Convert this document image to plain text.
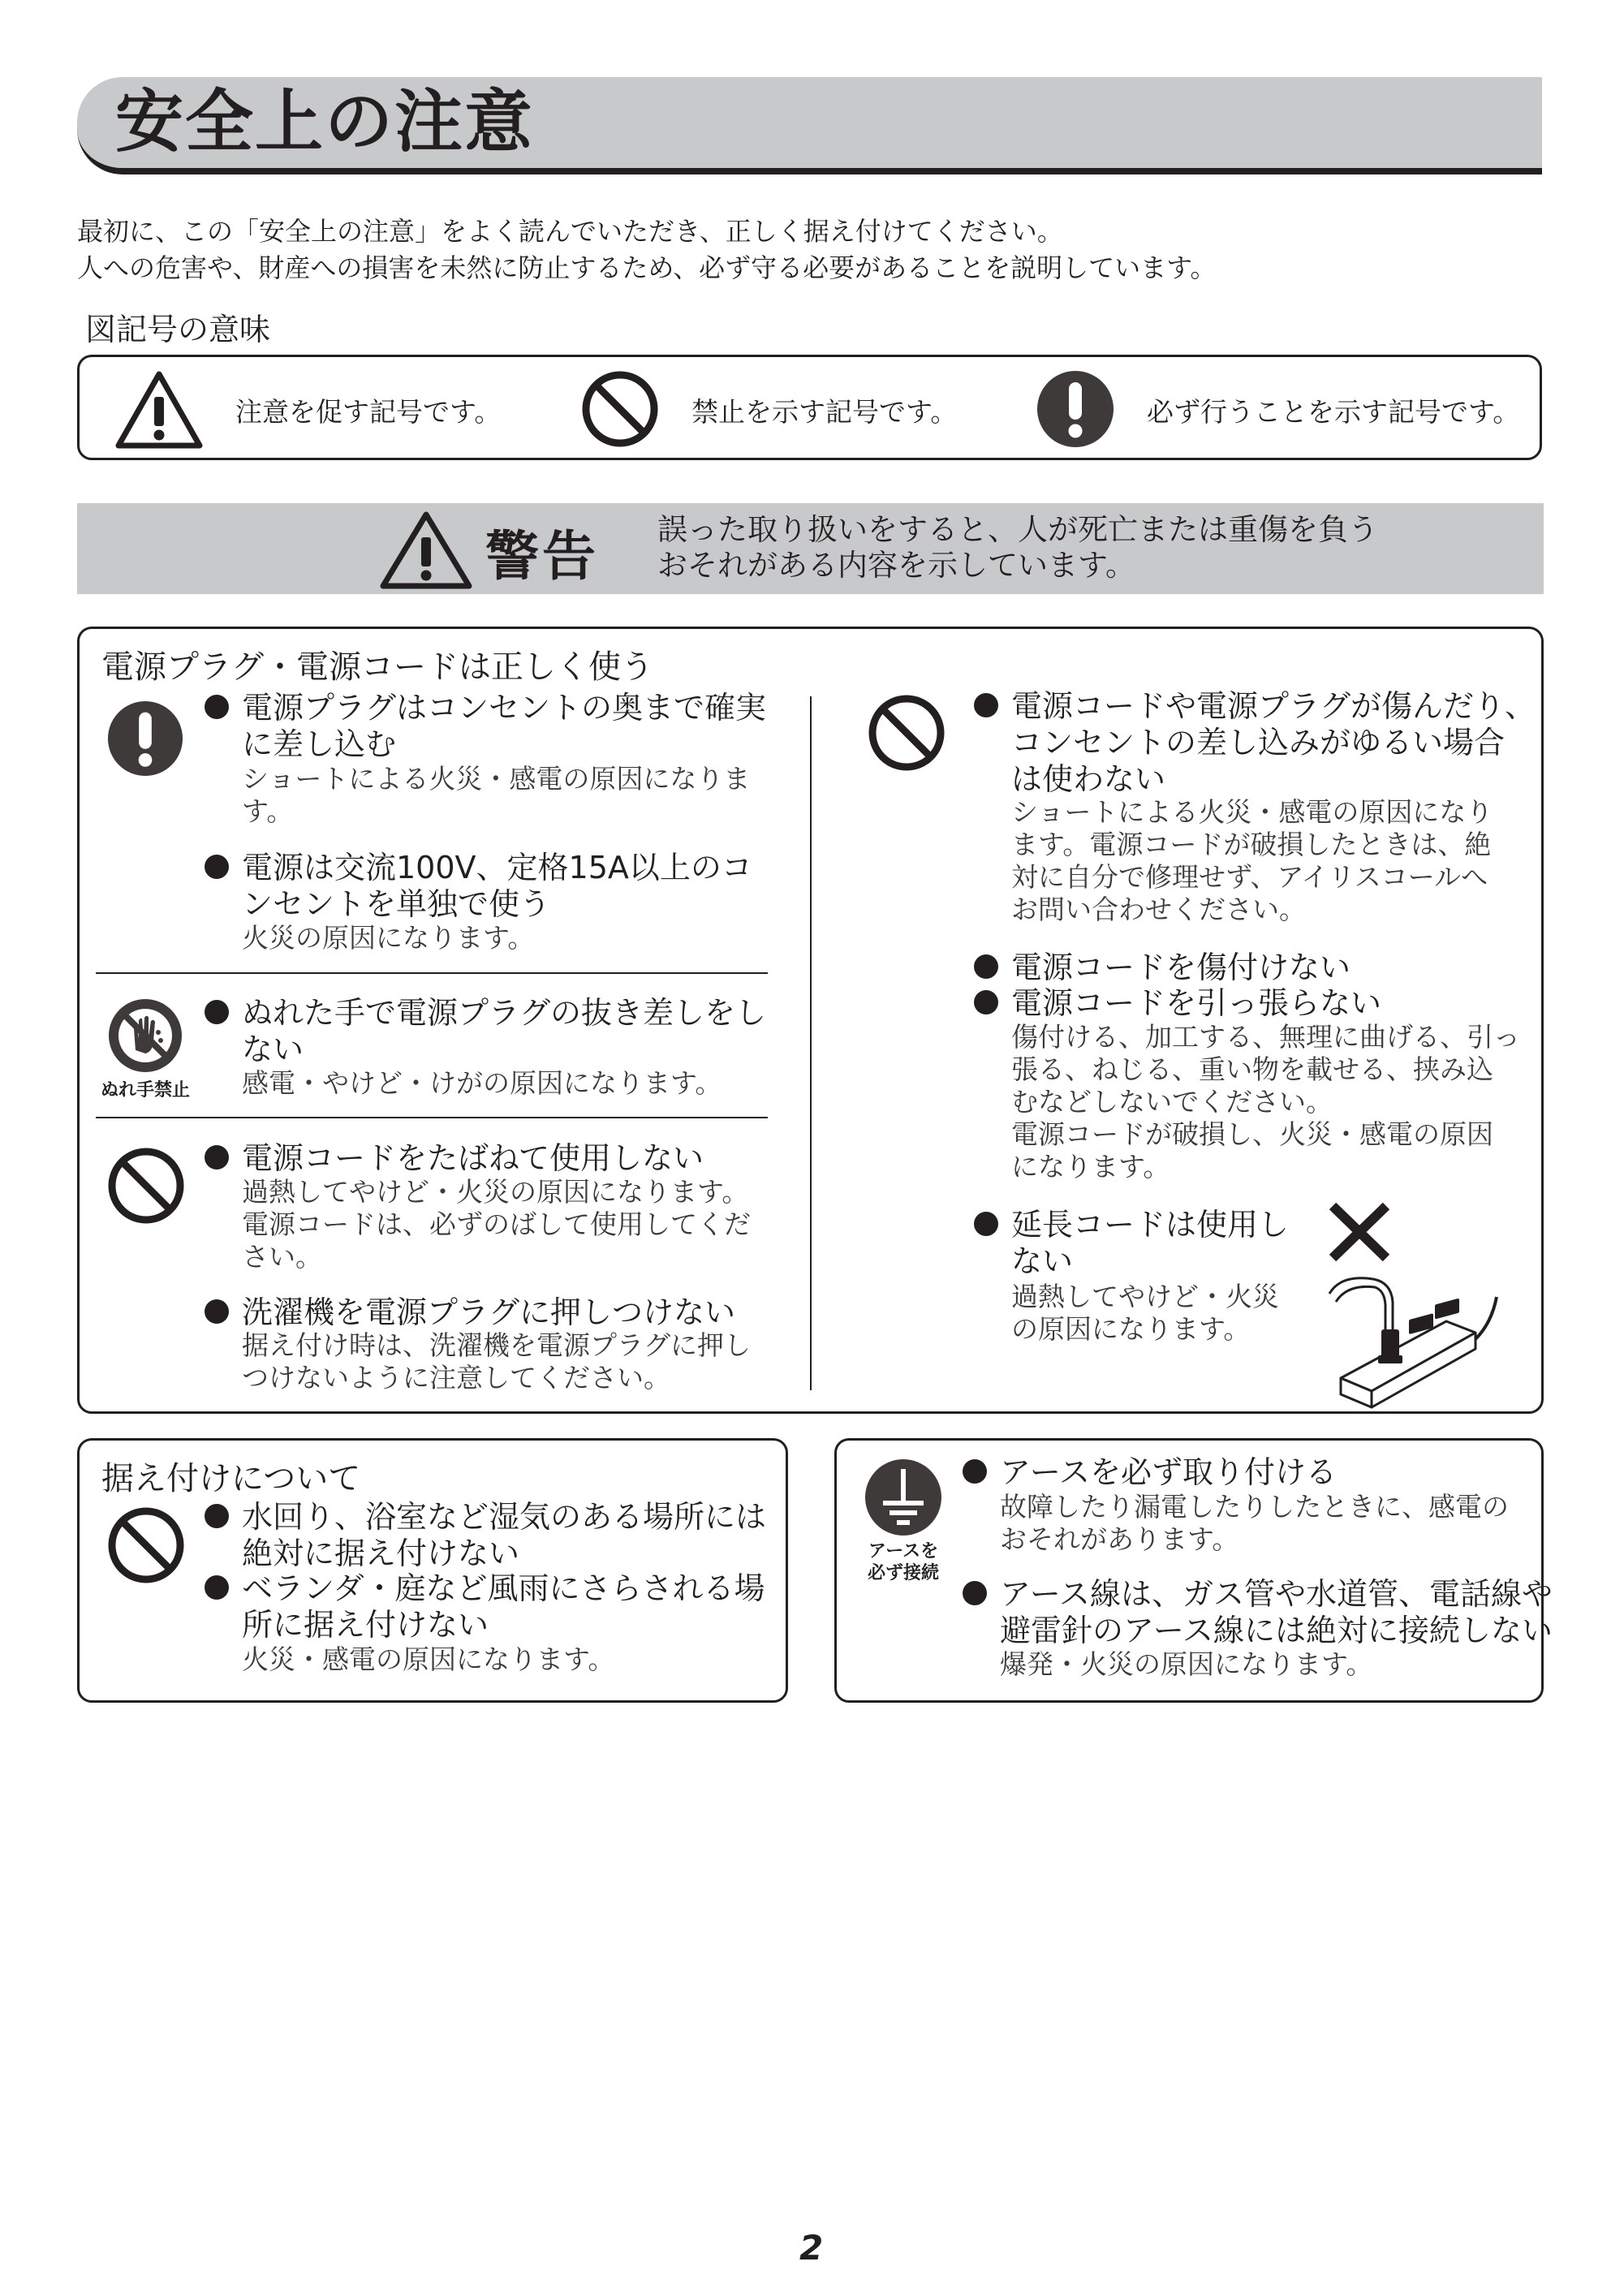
安全上の注意
最初に、この「安全上の注意」をよく読んでいただき、正しく据え付けてください。
人への危害や、財産への損害を未然に防止するため、必ず守る必要があることを説明しています。
図記号の意味
注意を促す記号です。	禁止を示す記号です。	必ず行うことを示す記号です。
警告 誤った取り扱いをすると、人が死亡または重傷を負う
おそれがある内容を示しています。
電源プラグ・電源コードは正しく使う
ぬれ手禁止
電源プラグはコンセントの奥まで確実
に差し込む
ショートによる火災・感電の原因になりま
す。
電源は交流100V、定格15A以上のコ
ンセントを単独で使う
火災の原因になります。
ぬれた手で電源プラグの抜き差しをし
ない
感電・やけど・けがの原因になります。
電源コードをたばねて使用しない
過熱してやけど・火災の原因になります。
電源コードは、必ずのばして使用してくだ
さい。
洗濯機を電源プラグに押しつけない
据え付け時は、洗濯機を電源プラグに押し
つけないように注意してください。
電源コードや電源プラグが傷んだり、
コンセントの差し込みがゆるい場合
は使わない
ショートによる火災・感電の原因になり
ます。電源コードが破損したときは、絶
対に自分で修理せず、アイリスコールへ
お問い合わせください。
電源コードを傷付けない
電源コードを引っ張らない
傷付ける、加工する、無理に曲げる、引っ
張る、ねじる、重い物を載せる、挟み込
むなどしないでください。
電源コードが破損し、火災・感電の原因
になります。
延長コードは使用し
ない
過熱してやけど・火災
の原因になります。
据え付けについて
水回り、浴室など湿気のある場所には
絶対に据え付けない
ベランダ・庭など風雨にさらされる場
所に据え付けない
火災・感電の原因になります。
アースを
必ず接続
アースを必ず取り付ける
故障したり漏電したりしたときに、感電の
おそれがあります。
アース線は、ガス管や水道管、電話線や
避雷針のアース線には絶対に接続しない
爆発・火災の原因になります。
2
